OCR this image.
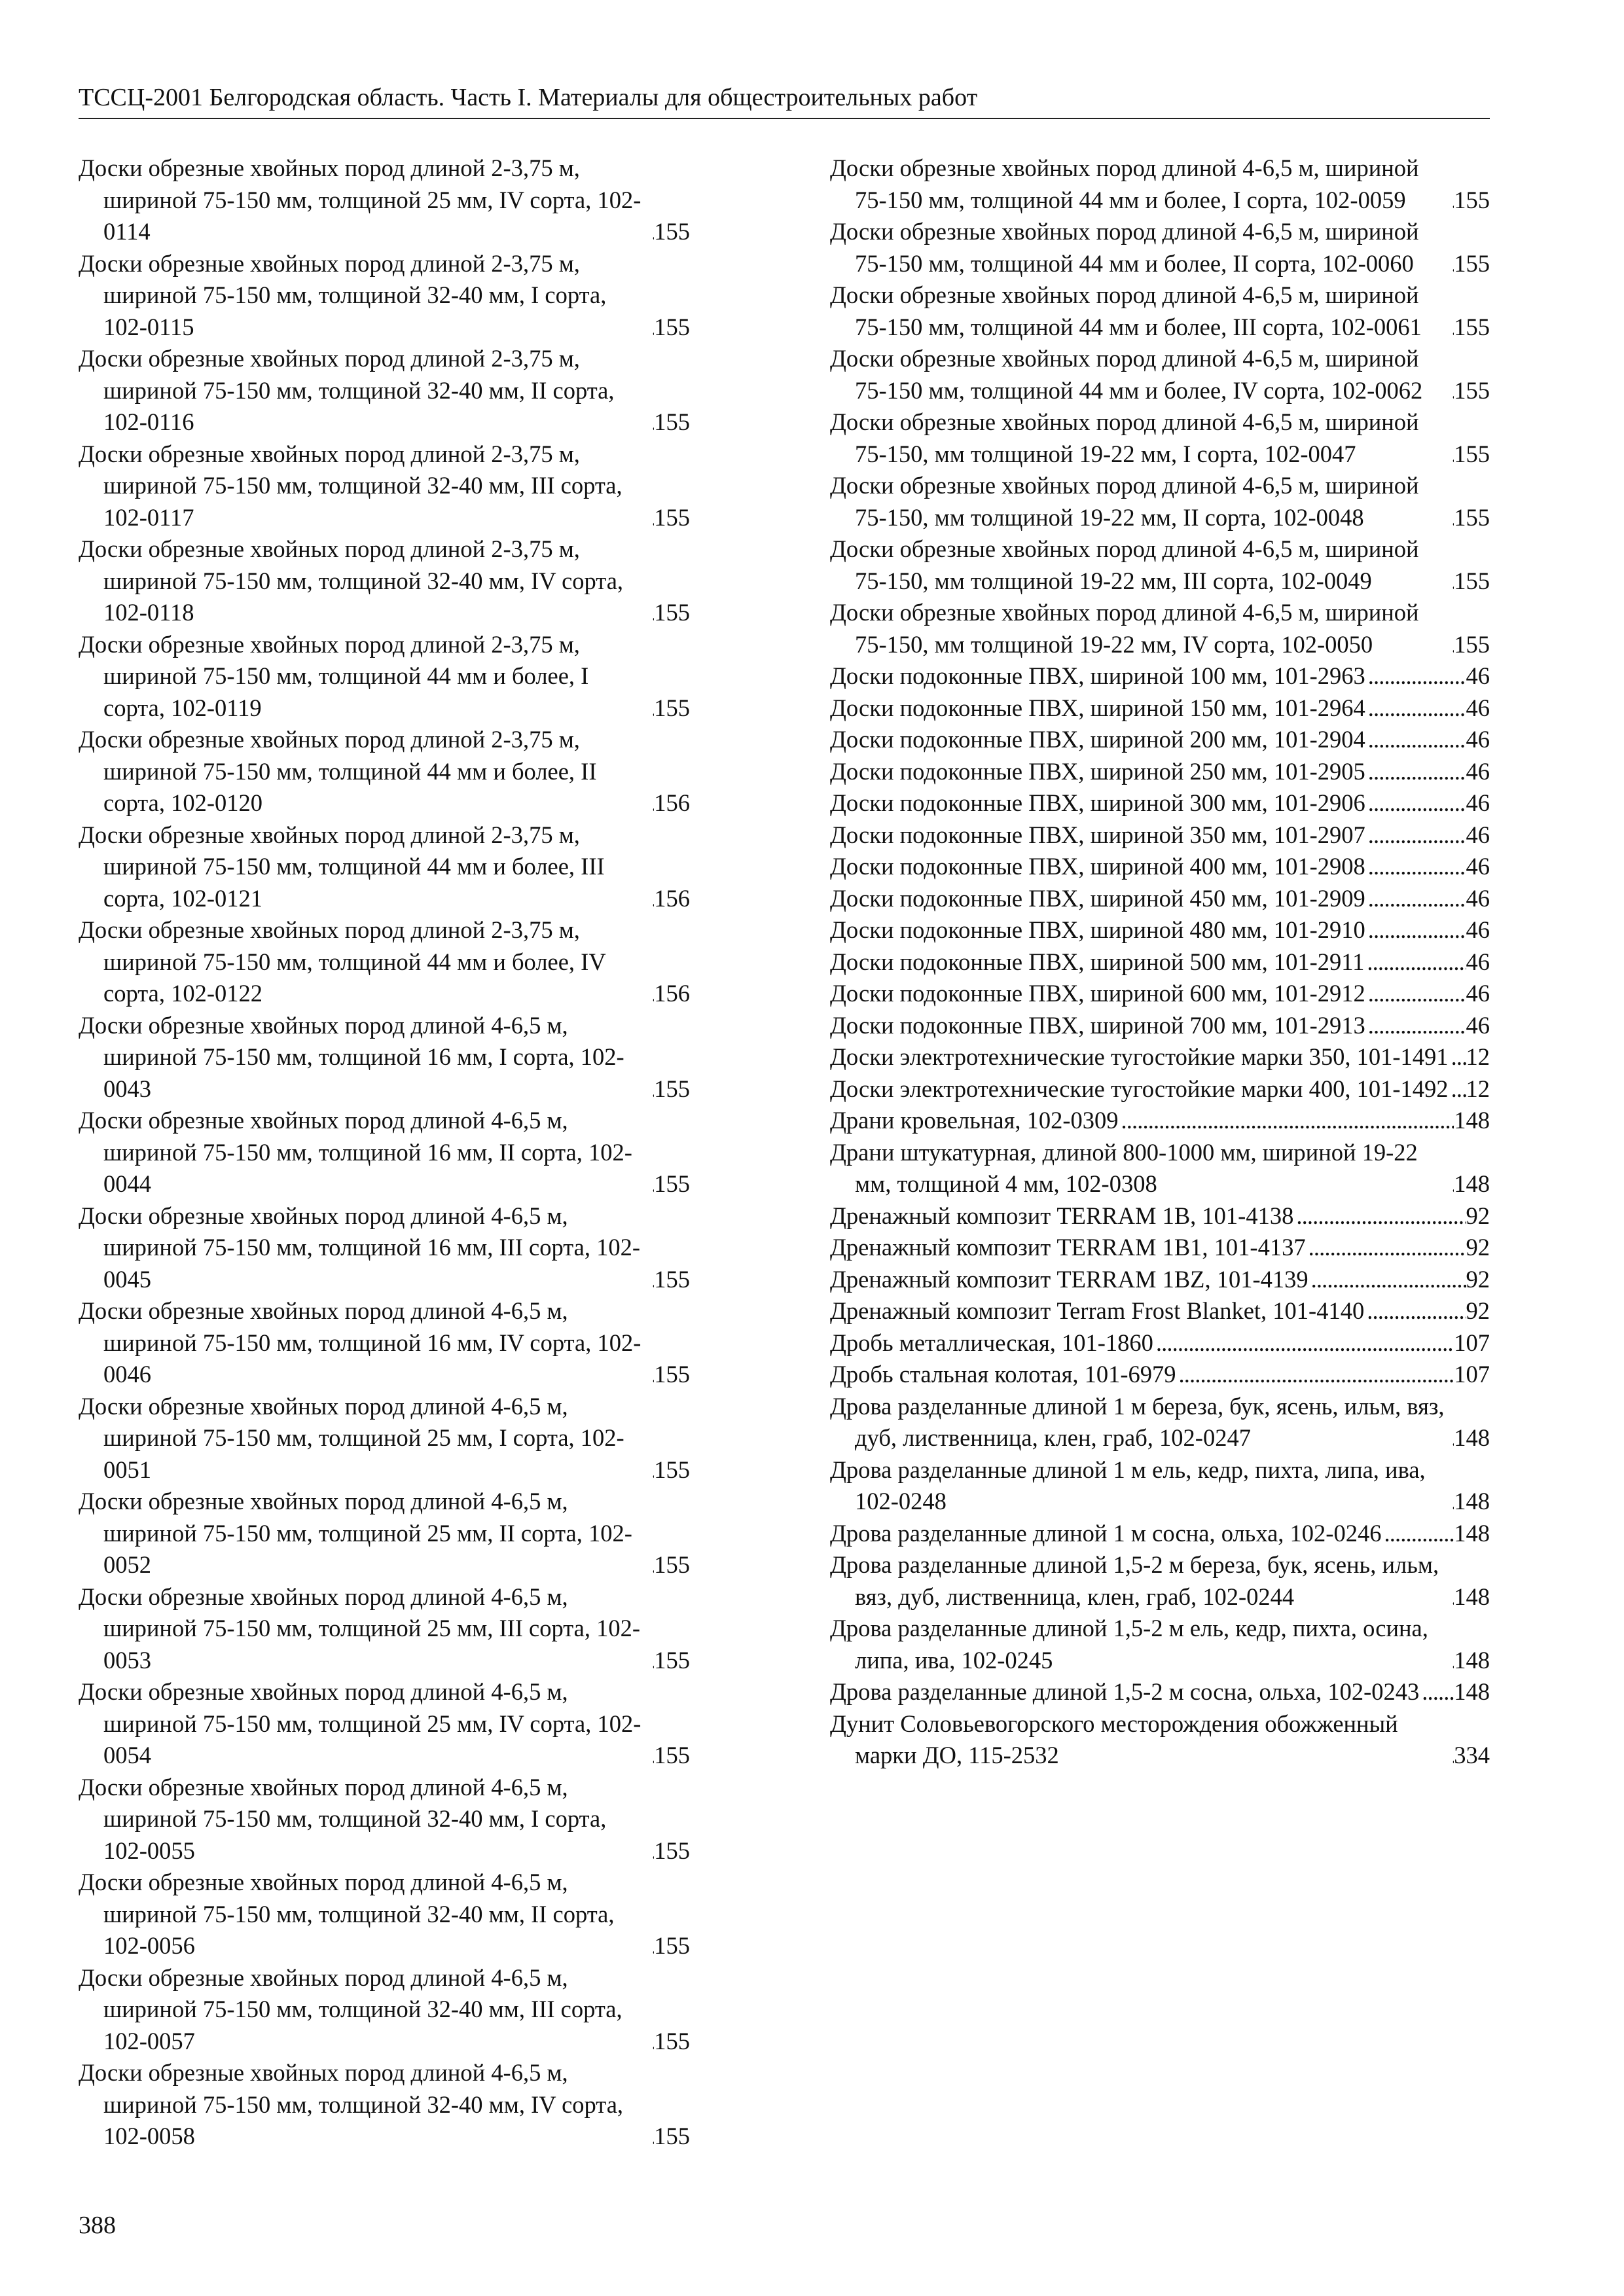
ТССЦ-2001 Белгородская область. Часть I. Материалы для общестроительных работ
Доски обрезные хвойных пород длиной 2-3,75 м, шириной 75-150 мм, толщиной 25 мм, IV сорта, 102-0114 . . .	155
Доски обрезные хвойных пород длиной 2-3,75 м, шириной 75-150 мм, толщиной 32-40 мм, I сорта, 102-0115 . . .	155
Доски обрезные хвойных пород длиной 2-3,75 м, шириной 75-150 мм, толщиной 32-40 мм, II сорта, 102-0116 . . .	155
Доски обрезные хвойных пород длиной 2-3,75 м, шириной 75-150 мм, толщиной 32-40 мм, III сорта, 102-0117 . . .	155
Доски обрезные хвойных пород длиной 2-3,75 м, шириной 75-150 мм, толщиной 32-40 мм, IV сорта, 102-0118 . . .	155
Доски обрезные хвойных пород длиной 2-3,75 м, шириной 75-150 мм, толщиной 44 мм и более, I сорта, 102-0119 . . .	155
Доски обрезные хвойных пород длиной 2-3,75 м, шириной 75-150 мм, толщиной 44 мм и более, II сорта, 102-0120 . . .	156
Доски обрезные хвойных пород длиной 2-3,75 м, шириной 75-150 мм, толщиной 44 мм и более, III сорта, 102-0121 . . .	156
Доски обрезные хвойных пород длиной 2-3,75 м, шириной 75-150 мм, толщиной 44 мм и более, IV сорта, 102-0122 . . .	156
Доски обрезные хвойных пород длиной 4-6,5 м, шириной 75-150 мм, толщиной 16 мм, I сорта, 102-0043 . . .	155
Доски обрезные хвойных пород длиной 4-6,5 м, шириной 75-150 мм, толщиной 16 мм, II сорта, 102-0044 . . .	155
Доски обрезные хвойных пород длиной 4-6,5 м, шириной 75-150 мм, толщиной 16 мм, III сорта, 102-0045 . . .	155
Доски обрезные хвойных пород длиной 4-6,5 м, шириной 75-150 мм, толщиной 16 мм, IV сорта, 102-0046 . . .	155
Доски обрезные хвойных пород длиной 4-6,5 м, шириной 75-150 мм, толщиной 25 мм, I сорта, 102-0051 . . .	155
Доски обрезные хвойных пород длиной 4-6,5 м, шириной 75-150 мм, толщиной 25 мм, II сорта, 102-0052 . . .	155
Доски обрезные хвойных пород длиной 4-6,5 м, шириной 75-150 мм, толщиной 25 мм, III сорта, 102-0053 . . .	155
Доски обрезные хвойных пород длиной 4-6,5 м, шириной 75-150 мм, толщиной 25 мм, IV сорта, 102-0054 . . .	155
Доски обрезные хвойных пород длиной 4-6,5 м, шириной 75-150 мм, толщиной 32-40 мм, I сорта, 102-0055 . . .	155
Доски обрезные хвойных пород длиной 4-6,5 м, шириной 75-150 мм, толщиной 32-40 мм, II сорта, 102-0056 . . .	155
Доски обрезные хвойных пород длиной 4-6,5 м, шириной 75-150 мм, толщиной 32-40 мм, III сорта, 102-0057 . . .	155
Доски обрезные хвойных пород длиной 4-6,5 м, шириной 75-150 мм, толщиной 32-40 мм, IV сорта, 102-0058 . . .	155
Доски обрезные хвойных пород длиной 4-6,5 м, шириной 75-150 мм, толщиной 44 мм и более, I сорта, 102-0059 . . .	155
Доски обрезные хвойных пород длиной 4-6,5 м, шириной 75-150 мм, толщиной 44 мм и более, II сорта, 102-0060 . . .	155
Доски обрезные хвойных пород длиной 4-6,5 м, шириной 75-150 мм, толщиной 44 мм и более, III сорта, 102-0061 . . .	155
Доски обрезные хвойных пород длиной 4-6,5 м, шириной 75-150 мм, толщиной 44 мм и более, IV сорта, 102-0062 . . .	155
Доски обрезные хвойных пород длиной 4-6,5 м, шириной 75-150, мм толщиной 19-22 мм, I сорта, 102-0047 . . .	155
Доски обрезные хвойных пород длиной 4-6,5 м, шириной 75-150, мм толщиной 19-22 мм, II сорта, 102-0048 . . .	155
Доски обрезные хвойных пород длиной 4-6,5 м, шириной 75-150, мм толщиной 19-22 мм, III сорта, 102-0049 . . .	155
Доски обрезные хвойных пород длиной 4-6,5 м, шириной 75-150, мм толщиной 19-22 мм, IV сорта, 102-0050 . . .	155
Доски подоконные ПВХ, шириной 100 мм, 101-2963 . . .	46
Доски подоконные ПВХ, шириной 150 мм, 101-2964 . . .	46
Доски подоконные ПВХ, шириной 200 мм, 101-2904 . . .	46
Доски подоконные ПВХ, шириной 250 мм, 101-2905 . . .	46
Доски подоконные ПВХ, шириной 300 мм, 101-2906 . . .	46
Доски подоконные ПВХ, шириной 350 мм, 101-2907 . . .	46
Доски подоконные ПВХ, шириной 400 мм, 101-2908 . . .	46
Доски подоконные ПВХ, шириной 450 мм, 101-2909 . . .	46
Доски подоконные ПВХ, шириной 480 мм, 101-2910 . . .	46
Доски подоконные ПВХ, шириной 500 мм, 101-2911 . . .	46
Доски подоконные ПВХ, шириной 600 мм, 101-2912 . . .	46
Доски подоконные ПВХ, шириной 700 мм, 101-2913 . . .	46
Доски электротехнические тугостойкие марки 350, 101-1491 . . . 12
Доски электротехнические тугостойкие марки 400, 101-1492 . . . 12
Драни кровельная, 102-0309 . . .	148
Драни штукатурная, длиной 800-1000 мм, шириной 19-22 мм, толщиной 4 мм, 102-0308 . . .	148
Дренажный композит TERRAM 1B, 101-4138 . . .	92
Дренажный композит TERRAM 1B1, 101-4137 . . .	92
Дренажный композит TERRAM 1BZ, 101-4139 . . .	92
Дренажный композит Terram Frost Blanket, 101-4140 . . .	92
Дробь металлическая, 101-1860 . . .	107
Дробь стальная колотая, 101-6979 . . .	107
Дрова разделанные длиной 1 м береза, бук, ясень, ильм, вяз, дуб, лиственница, клен, граб, 102-0247 . . .	148
Дрова разделанные длиной 1 м ель, кедр, пихта, липа, ива, 102-0248 . . .	148
Дрова разделанные длиной 1 м сосна, ольха, 102-0246 . . .	148
Дрова разделанные длиной 1,5-2 м береза, бук, ясень, ильм, вяз, дуб, лиственница, клен, граб, 102-0244 . . .	148
Дрова разделанные длиной 1,5-2 м ель, кедр, пихта, осина, липа, ива, 102-0245 . . .	148
Дрова разделанные длиной 1,5-2 м сосна, ольха, 102-0243 . . . 148
Дунит Соловьевогорского месторождения обожженный марки ДО, 115-2532 . . .	334
388
